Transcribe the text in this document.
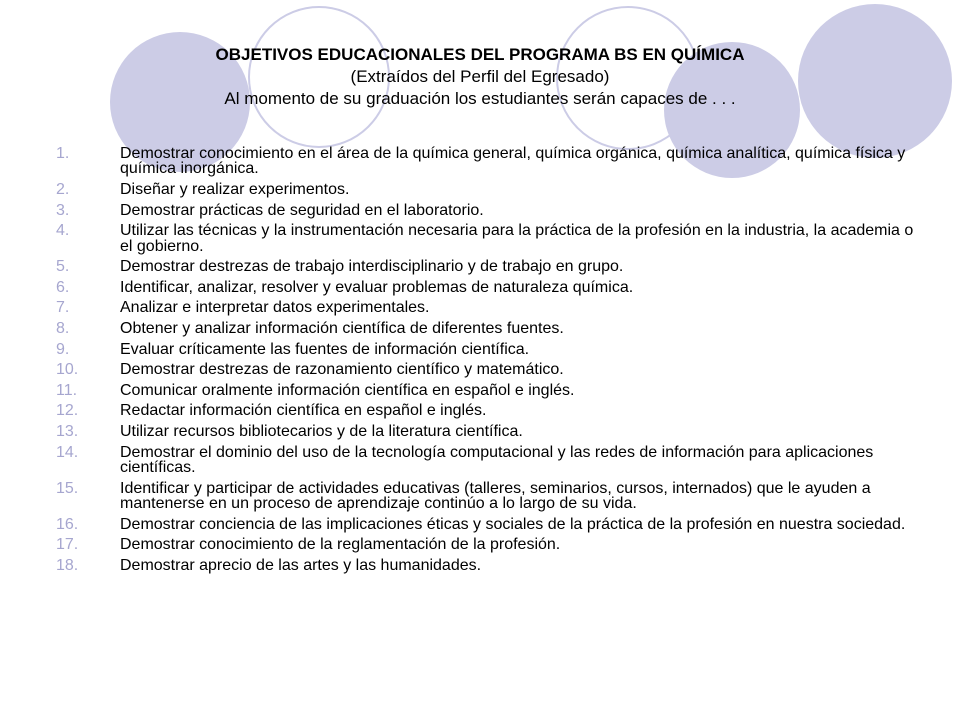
OBJETIVOS EDUCACIONALES DEL PROGRAMA BS EN QUÍMICA
(Extraídos del Perfil del Egresado)
Al momento de su graduación los estudiantes serán capaces de . . .
1.	Demostrar conocimiento en el área de la química general, química orgánica, química analítica, química física y química inorgánica.
2.	Diseñar y realizar experimentos.
3.	Demostrar prácticas de seguridad en el laboratorio.
4.	Utilizar las técnicas y la instrumentación necesaria para la práctica de la profesión en la industria, la academia o el gobierno.
5.	Demostrar destrezas de trabajo interdisciplinario y de trabajo en grupo.
6.	Identificar, analizar, resolver y evaluar problemas de naturaleza química.
7.	Analizar e interpretar datos experimentales.
8.	Obtener y analizar información científica de diferentes fuentes.
9.	Evaluar críticamente las fuentes de información científica.
10.	Demostrar destrezas de razonamiento científico y matemático.
11.	Comunicar oralmente información científica en español e inglés.
12.	Redactar información científica en español e inglés.
13.	Utilizar recursos bibliotecarios y de la literatura científica.
14.	Demostrar el dominio del uso de la tecnología computacional y las redes de información para aplicaciones científicas.
15.	Identificar y participar de actividades educativas (talleres, seminarios, cursos, internados) que le ayuden a mantenerse en un proceso de aprendizaje continúo a lo largo de su vida.
16.	Demostrar conciencia de las implicaciones éticas y sociales de la práctica de la profesión en nuestra sociedad.
17.	Demostrar conocimiento de la reglamentación de la profesión.
18.	Demostrar aprecio de las artes y las humanidades.
